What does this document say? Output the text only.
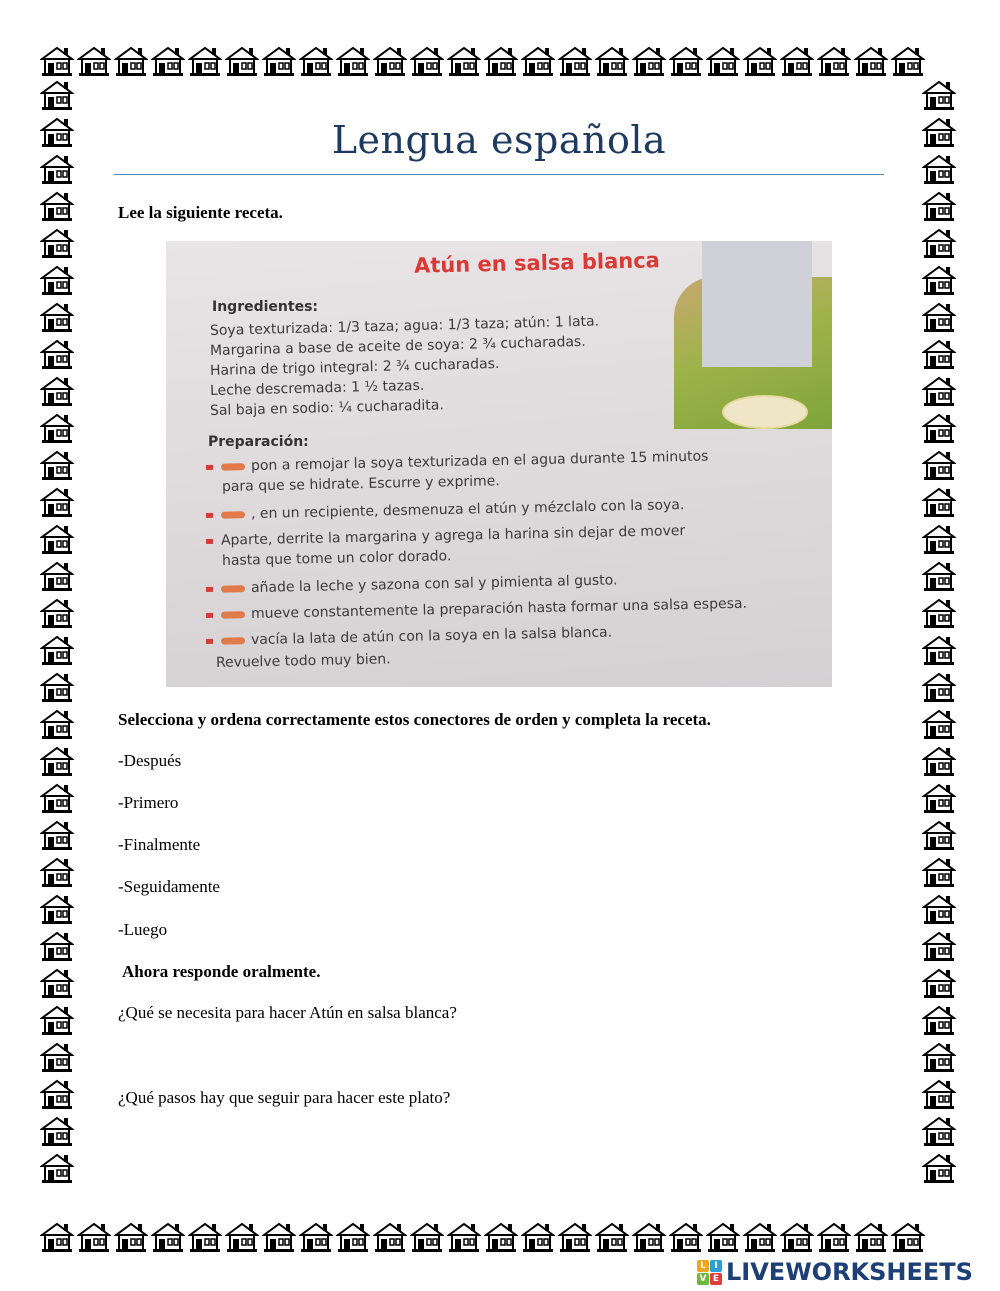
Lengua española
Lee la siguiente receta.
Atún en salsa blanca
Ingredientes:
Soya texturizada: 1/3 taza; agua: 1/3 taza; atún: 1 lata.
Margarina a base de aceite de soya: 2 ¾ cucharadas.
Harina de trigo integral: 2 ¾ cucharadas.
Leche descremada: 1 ½ tazas.
Sal baja en sodio: ¼ cucharadita.
Preparación:
pon a remojar la soya texturizada en el agua durante 15 minutos
para que se hidrate. Escurre y exprime.
, en un recipiente, desmenuza el atún y mézclalo con la soya.
Aparte, derrite la margarina y agrega la harina sin dejar de mover
hasta que tome un color dorado.
añade la leche y sazona con sal y pimienta al gusto.
mueve constantemente la preparación hasta formar una salsa espesa.
vacía la lata de atún con la soya en la salsa blanca.
Revuelve todo muy bien.
Selecciona y ordena correctamente estos conectores de orden y completa la receta.
-Después
-Primero
-Finalmente
-Seguidamente
-Luego
Ahora responde oralmente.
¿Qué se necesita para hacer Atún en salsa blanca?
¿Qué pasos hay que seguir para hacer este plato?
L I
V E LIVEWORKSHEETS
